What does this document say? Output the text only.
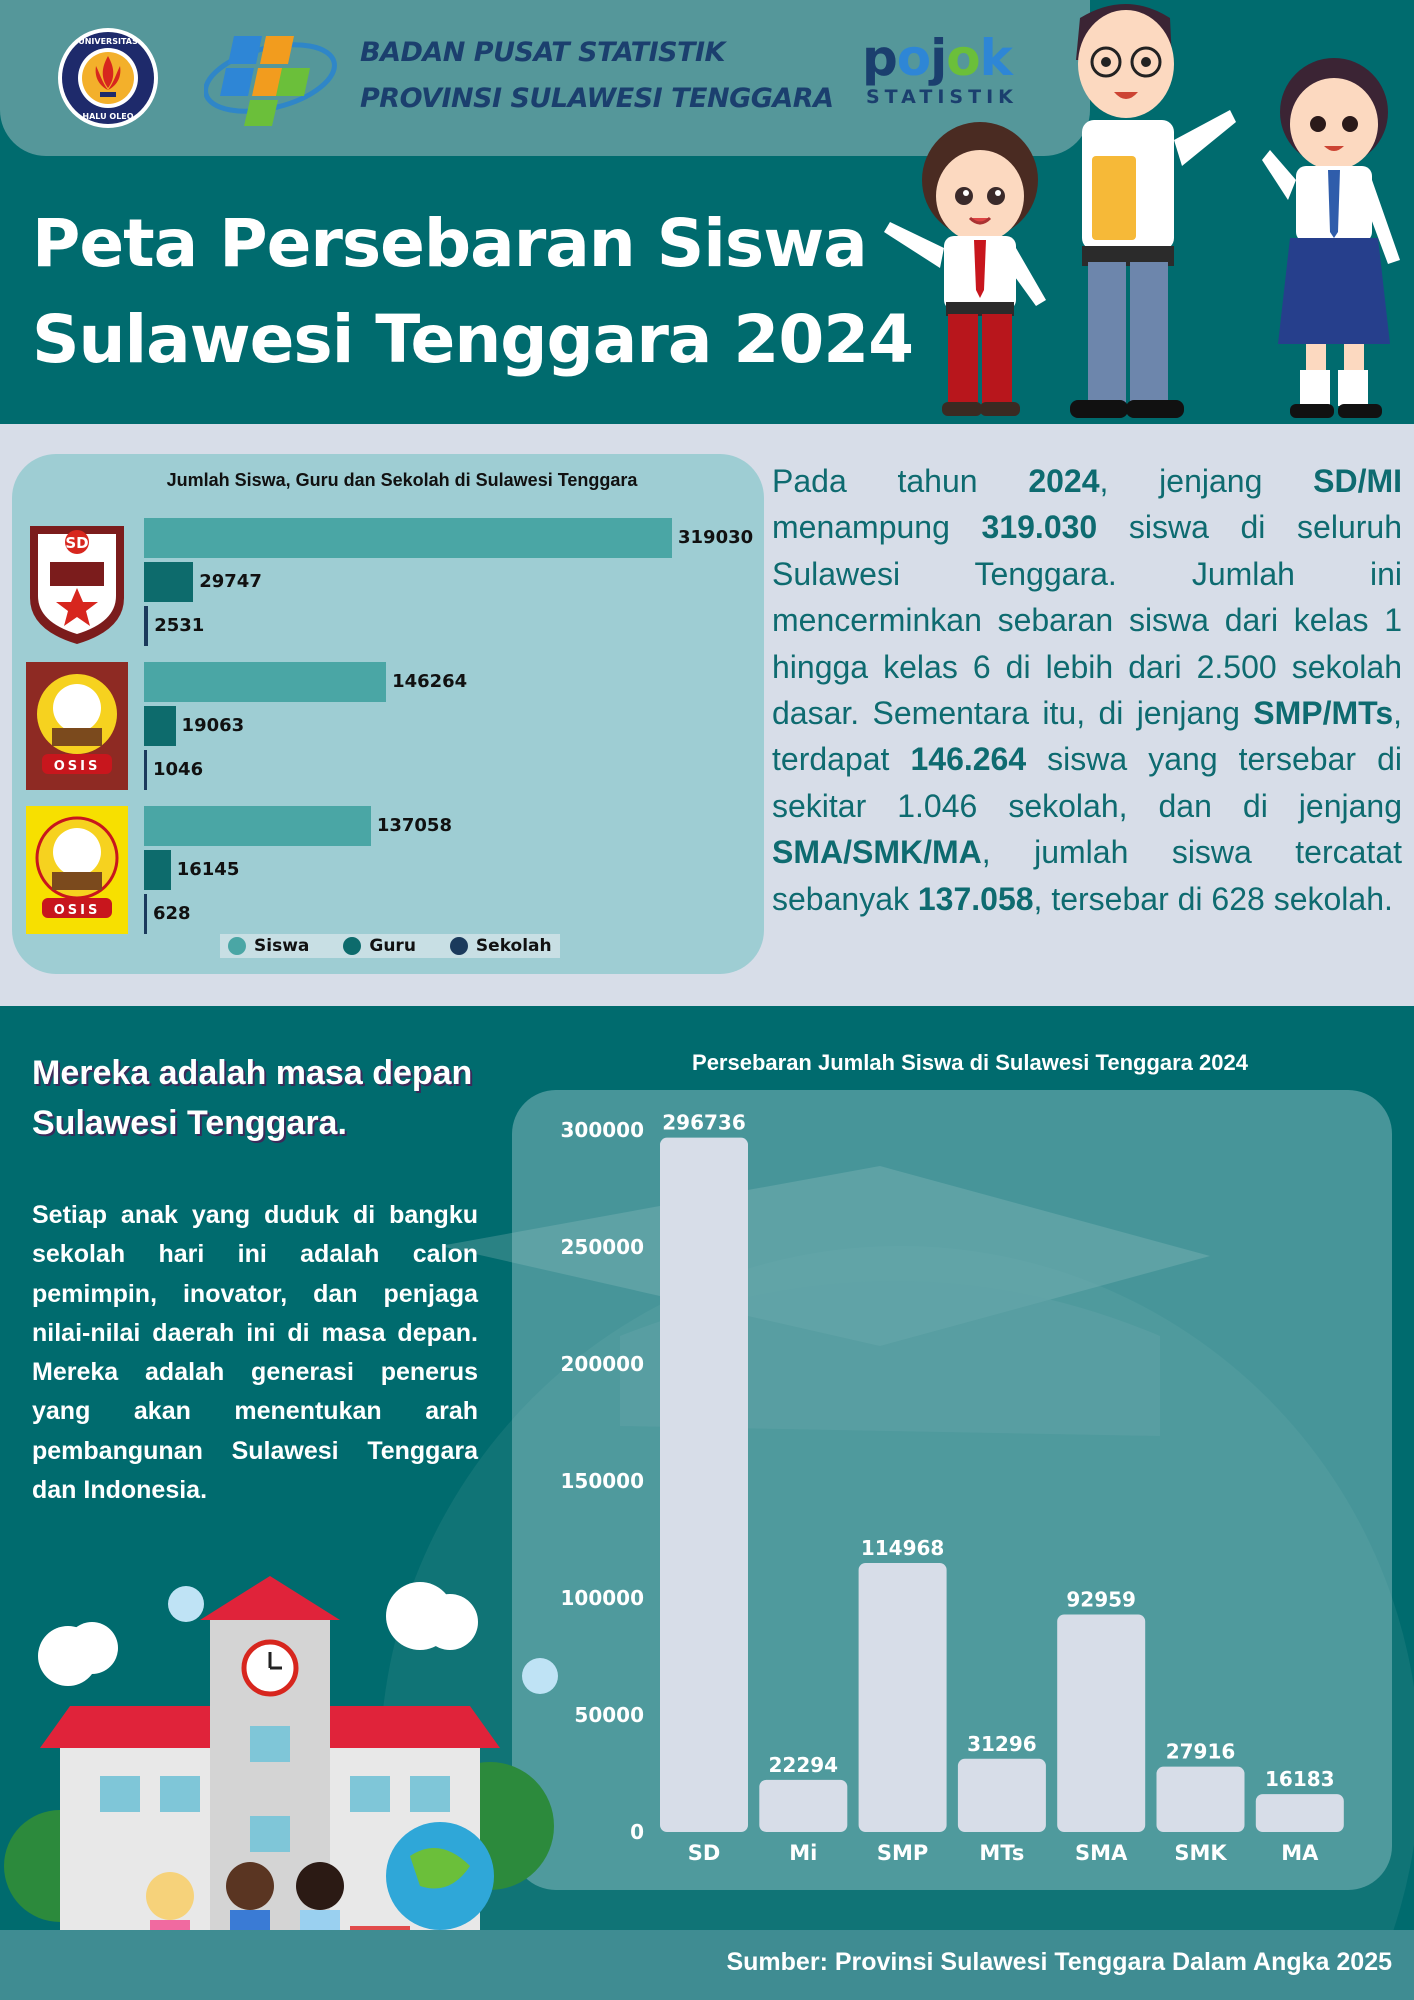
UNIVERSITAS
HALU OLEO
BADAN PUSAT STATISTIK
PROVINSI SULAWESI TENGGARA
pojok
STATISTIK
Peta Persebaran Siswa
Sulawesi Tenggara 2024
Jumlah Siswa, Guru dan Sekolah di Sulawesi Tenggara
319030
29747
2531
146264
19063
1046
137058
16145
628
SD
OSIS
OSIS
Siswa	Guru	Sekolah
Pada tahun 2024, jenjang SD/MI menampung 319.030 siswa di seluruh Sulawesi Tenggara. Jumlah ini mencerminkan sebaran siswa dari kelas 1 hingga kelas 6 di lebih dari 2.500 sekolah dasar. Sementara itu, di jenjang SMP/MTs, terdapat 146.264 siswa yang tersebar di sekitar 1.046 sekolah, dan di jenjang SMA/SMK/MA, jumlah siswa tercatat sebanyak 137.058, tersebar di 628 sekolah.
Mereka adalah masa depan Sulawesi Tenggara.
Setiap anak yang duduk di bangku sekolah hari ini adalah calon pemimpin, inovator, dan penjaga nilai-nilai daerah ini di masa depan. Mereka adalah generasi penerus yang akan menentukan arah pembangunan Sulawesi Tenggara dan Indonesia.
Persebaran Jumlah Siswa di Sulawesi Tenggara 2024
0
50000
100000
150000
200000
250000
300000 296736
SD
22294
Mi
114968
SMP
31296
MTs
92959
SMA
27916
SMK
16183
MA
Sumber: Provinsi Sulawesi Tenggara Dalam Angka 2025
